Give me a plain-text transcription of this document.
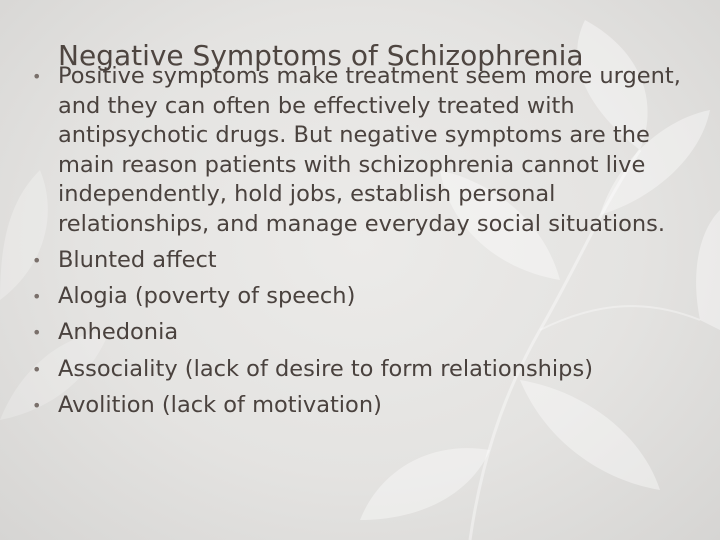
Negative Symptoms of Schizophrenia
• Positive symptoms make treatment seem more urgent, and they can often be effectively treated with antipsychotic drugs. But negative symptoms are the main reason patients with schizophrenia cannot live independently, hold jobs, establish personal relationships, and manage everyday social situations.
• Blunted affect
• Alogia (poverty of speech)
• Anhedonia
• Associality (lack of desire to form relationships)
• Avolition (lack of motivation)
